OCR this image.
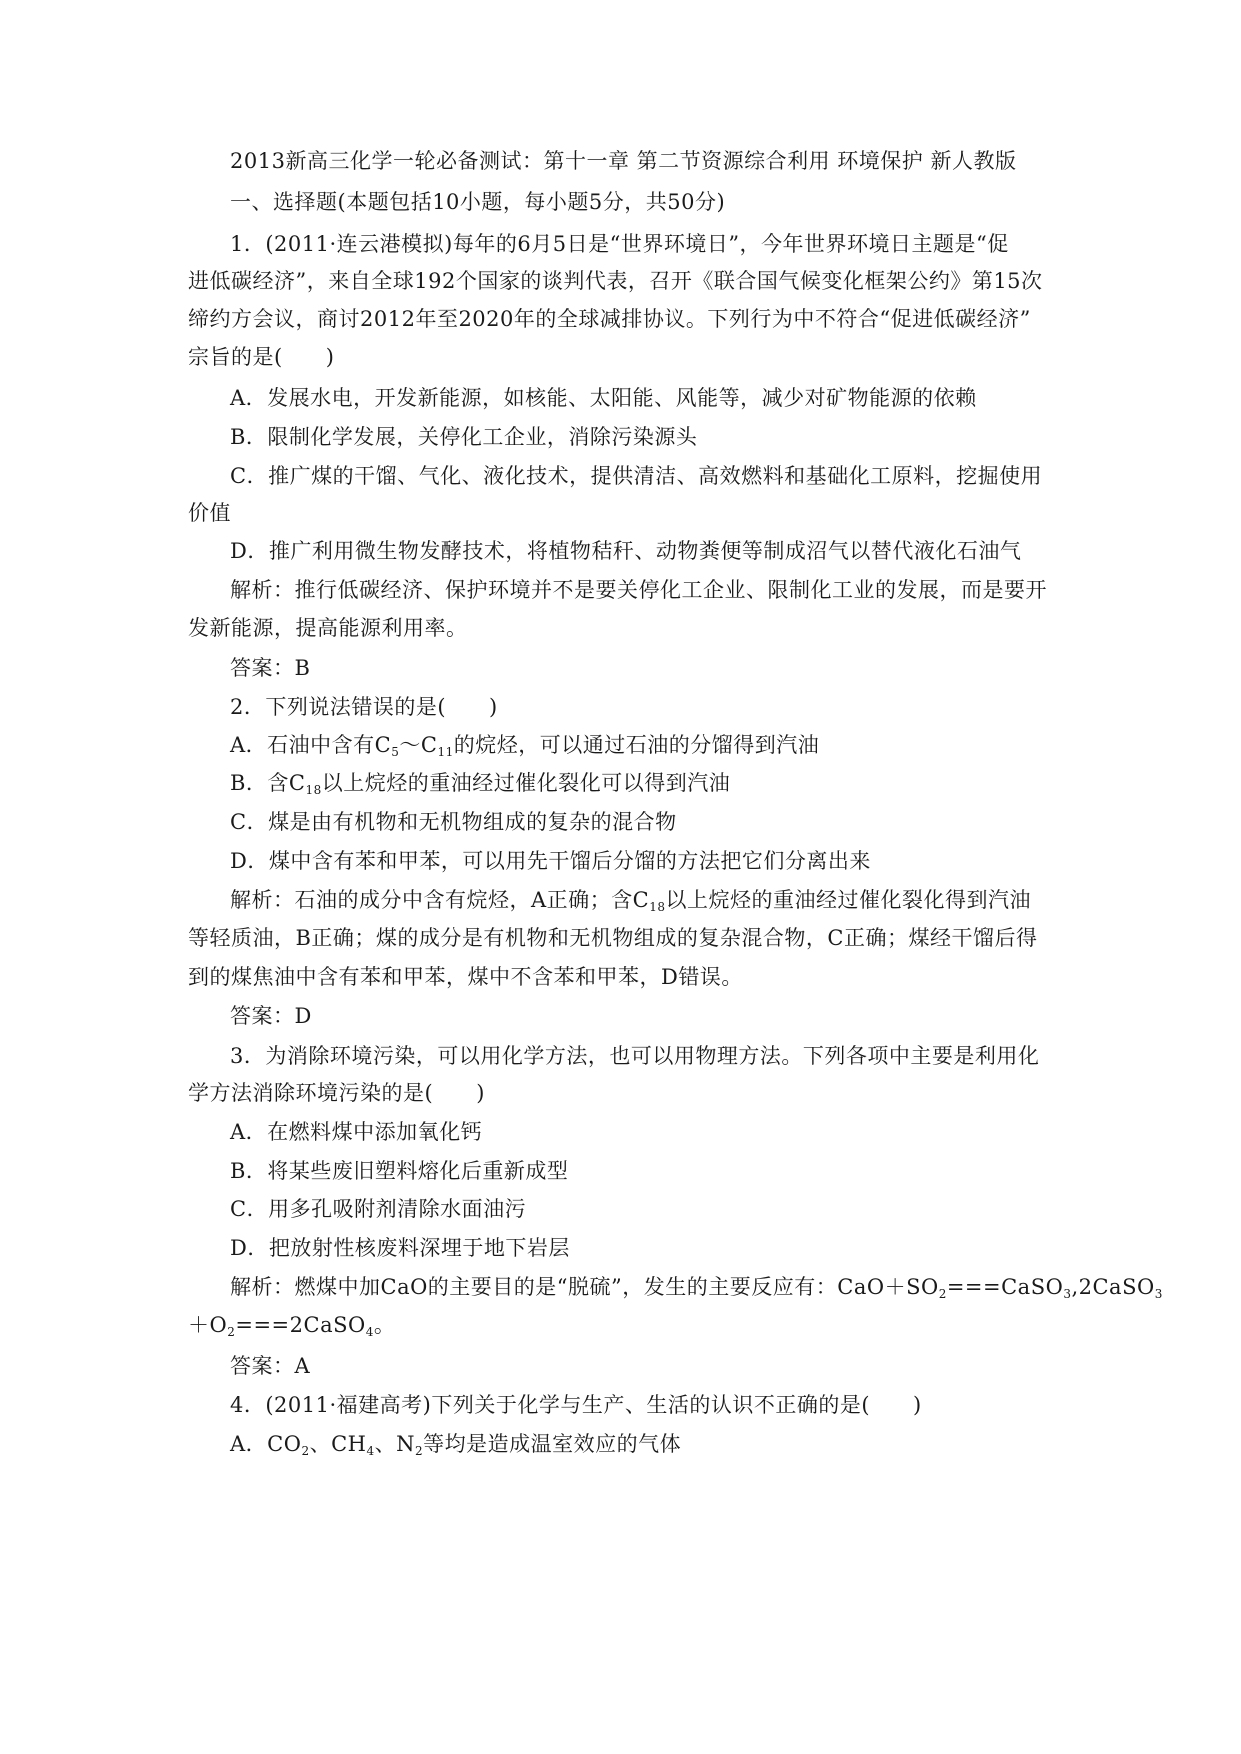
2013新高三化学一轮必备测试：第十一章 第二节资源综合利用 环境保护 新人教版
一、选择题(本题包括10小题，每小题5分，共50分)
1．(2011·连云港模拟)每年的6月5日是“世界环境日”，今年世界环境日主题是“促
进低碳经济”，来自全球192个国家的谈判代表，召开《联合国气候变化框架公约》第15次
缔约方会议，商讨2012年至2020年的全球减排协议。下列行为中不符合“促进低碳经济”
宗旨的是(　　)
A．发展水电，开发新能源，如核能、太阳能、风能等，减少对矿物能源的依赖
B．限制化学发展，关停化工企业，消除污染源头
C．推广煤的干馏、气化、液化技术，提供清洁、高效燃料和基础化工原料，挖掘使用
价值
D．推广利用微生物发酵技术，将植物秸秆、动物粪便等制成沼气以替代液化石油气
解析：推行低碳经济、保护环境并不是要关停化工企业、限制化工业的发展，而是要开
发新能源，提高能源利用率。
答案：B
2．下列说法错误的是(　　)
A．石油中含有$C_5\sim C_{11}$的烷烃，可以通过石油的分馏得到汽油
B．含$C_{18}$以上烷烃的重油经过催化裂化可以得到汽油
C．煤是由有机物和无机物组成的复杂的混合物
D．煤中含有苯和甲苯，可以用先干馏后分馏的方法把它们分离出来
解析：石油的成分中含有烷烃，A正确；含$C_{18}$以上烷烃的重油经过催化裂化得到汽油
等轻质油，B正确；煤的成分是有机物和无机物组成的复杂混合物，C正确；煤经干馏后得
到的煤焦油中含有苯和甲苯，煤中不含苯和甲苯，D错误。
答案：D
3．为消除环境污染，可以用化学方法，也可以用物理方法。下列各项中主要是利用化
学方法消除环境污染的是(　　)
A．在燃料煤中添加氧化钙
B．将某些废旧塑料熔化后重新成型
C．用多孔吸附剂清除水面油污
D．把放射性核废料深埋于地下岩层
解析：燃煤中加CaO的主要目的是“脱硫”，发生的主要反应有：$CaO+SO_2===CaSO_3,2CaSO_3$
$+O_2===2CaSO_4$。
答案：A
4．(2011·福建高考)下列关于化学与生产、生活的认识不正确的是(　　)
A．$CO_2$、$CH_4$、$N_2$等均是造成温室效应的气体
